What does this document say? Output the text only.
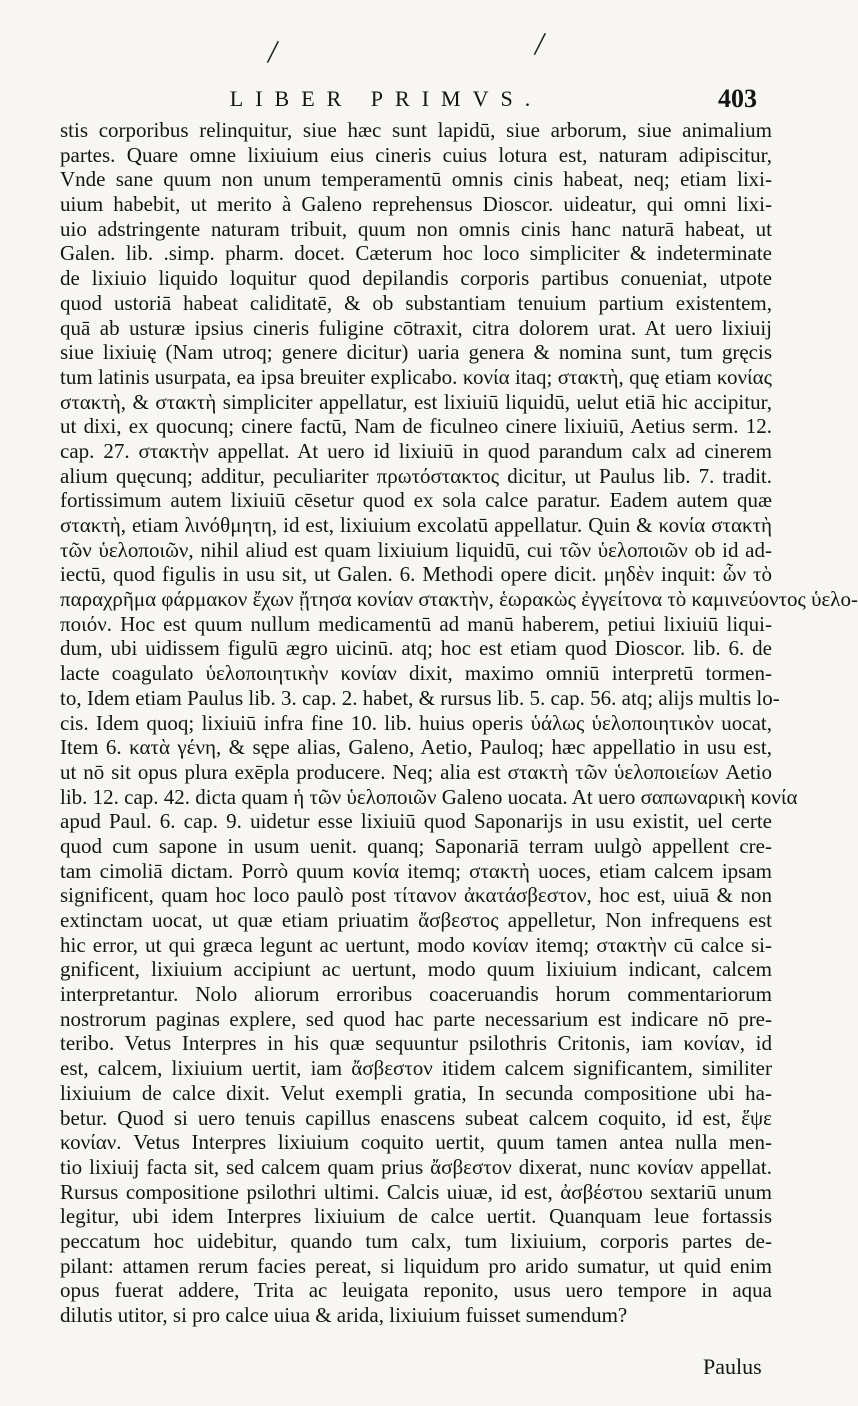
/	/
LIBER PRIMVS.	403
stis corporibus relinquitur, siue hæc sunt lapidū, siue arborum, siue animalium
partes. Quare omne lixiuium eius cineris cuius lotura est, naturam adipiscitur,
Vnde sane quum non unum temperamentū omnis cinis habeat, neq; etiam lixi-
uium habebit, ut merito à Galeno reprehensus Dioscor. uideatur, qui omni lixi-
uio adstringente naturam tribuit, quum non omnis cinis hanc naturā habeat, ut
Galen. lib. .simp. pharm. docet. Cæterum hoc loco simpliciter & indeterminate
de lixiuio liquido loquitur quod depilandis corporis partibus conueniat, utpote
quod ustoriā habeat caliditatē, & ob substantiam tenuium partium existentem,
quā ab usturæ ipsius cineris fuligine cōtraxit, citra dolorem urat. At uero lixiuij
siue lixiuię (Nam utroq; genere dicitur) uaria genera & nomina sunt, tum gręcis
tum latinis usurpata, ea ipsa breuiter explicabo. κονία itaq; στακτὴ, quę etiam κονίας
στακτὴ, & στακτὴ simpliciter appellatur, est lixiuiū liquidū, uelut etiā hic accipitur,
ut dixi, ex quocunq; cinere factū, Nam de ficulneo cinere lixiuiū, Aetius serm. 12.
cap. 27. στακτὴν appellat. At uero id lixiuiū in quod parandum calx ad cinerem
alium quęcunq; additur, peculiariter πρωτόστακτος dicitur, ut Paulus lib. 7. tradit.
fortissimum autem lixiuiū cēsetur quod ex sola calce paratur. Eadem autem quæ
στακτὴ, etiam λινόθμητη, id est, lixiuium excolatū appellatur. Quin & κονία στακτὴ
τῶν ὑελοποιῶν, nihil aliud est quam lixiuium liquidū, cui τῶν ὑελοποιῶν ob id ad-
iectū, quod figulis in usu sit, ut Galen. 6. Methodi opere dicit. μηδὲν inquit: ὧν τὸ
παραχρῆμα φάρμακον ἔχων ᾔτησα κονίαν στακτὴν, ἑωρακὼς ἐγγείτονα τὸ καμινεύοντος ὑελο-
ποιόν. Hoc est quum nullum medicamentū ad manū haberem, petiui lixiuiū liqui-
dum, ubi uidissem figulū ægro uicinū. atq; hoc est etiam quod Dioscor. lib. 6. de
lacte coagulato ὑελοποιητικὴν κονίαν dixit, maximo omniū interpretū tormen-
to, Idem etiam Paulus lib. 3. cap. 2. habet, & rursus lib. 5. cap. 56. atq; alijs multis lo-
cis. Idem quoq; lixiuiū infra fine 10. lib. huius operis ὑάλως ὑελοποιητικὸν uocat,
Item 6. κατὰ γένη, & sępe alias, Galeno, Aetio, Pauloq; hæc appellatio in usu est,
ut nō sit opus plura exēpla producere. Neq; alia est στακτὴ τῶν ὑελοποιείων Aetio
lib. 12. cap. 42. dicta quam ἡ τῶν ὑελοποιῶν Galeno uocata. At uero σαπωναρικὴ κονία
apud Paul. 6. cap. 9. uidetur esse lixiuiū quod Saponarijs in usu existit, uel certe
quod cum sapone in usum uenit. quanq; Saponariā terram uulgò appellent cre-
tam cimoliā dictam. Porrò quum κονία itemq; στακτὴ uoces, etiam calcem ipsam
significent, quam hoc loco paulò post τίτανον ἀκατάσβεστον, hoc est, uiuā & non
extinctam uocat, ut quæ etiam priuatim ἄσβεστος appelletur, Non infrequens est
hic error, ut qui græca legunt ac uertunt, modo κονίαν itemq; στακτὴν cū calce si-
gnificent, lixiuium accipiunt ac uertunt, modo quum lixiuium indicant, calcem
interpretantur. Nolo aliorum erroribus coaceruandis horum commentariorum
nostrorum paginas explere, sed quod hac parte necessarium est indicare nō pre-
teribo. Vetus Interpres in his quæ sequuntur psilothris Critonis, iam κονίαν, id
est, calcem, lixiuium uertit, iam ἄσβεστον itidem calcem significantem, similiter
lixiuium de calce dixit. Velut exempli gratia, In secunda compositione ubi ha-
betur. Quod si uero tenuis capillus enascens subeat calcem coquito, id est, ἕψε
κονίαν. Vetus Interpres lixiuium coquito uertit, quum tamen antea nulla men-
tio lixiuij facta sit, sed calcem quam prius ἄσβεστον dixerat, nunc κονίαν appellat.
Rursus compositione psilothri ultimi. Calcis uiuæ, id est, ἀσβέστου sextariū unum
legitur, ubi idem Interpres lixiuium de calce uertit. Quanquam leue fortassis
peccatum hoc uidebitur, quando tum calx, tum lixiuium, corporis partes de-
pilant: attamen rerum facies pereat, si liquidum pro arido sumatur, ut quid enim
opus fuerat addere, Trita ac leuigata reponito, usus uero tempore in aqua
dilutis utitor, si pro calce uiua & arida, lixiuium fuisset sumendum?
Paulus
